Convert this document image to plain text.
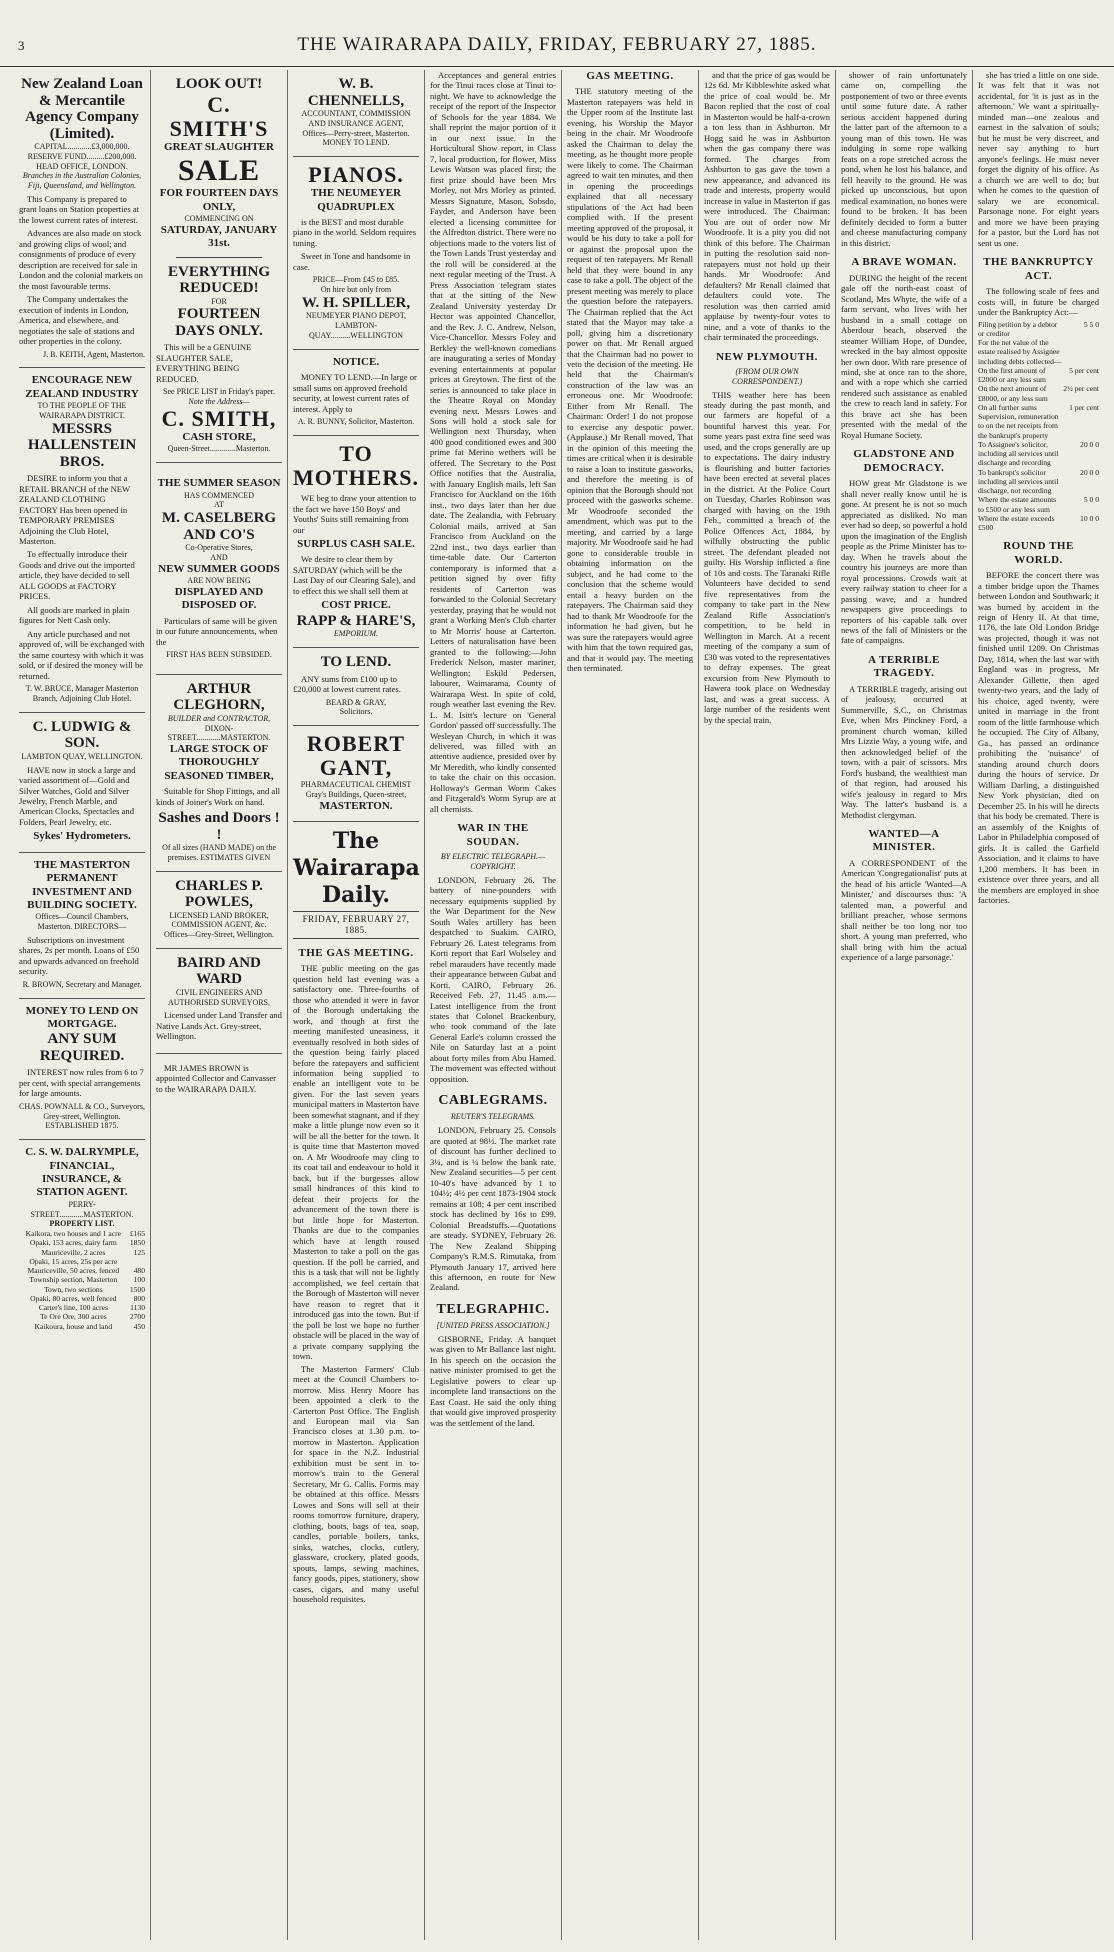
3	THE WAIRARAPA DAILY, FRIDAY, FEBRUARY 27, 1885.
New Zealand Loan & Mercantile Agency Company (Limited).
CAPITAL............£3,000,000.
RESERVE FUND.........£200,000.
HEAD OFFICE, LONDON.
Branches in the Australian Colonies, Fiji, Queensland, and Wellington.

This Company is prepared to grant loans on Station properties at the lowest current rates of interest.

Advances are also made on stock and growing clips of wool; and consignments of produce of every description are received for sale in London and the colonial markets on the most favourable terms.

The Company undertakes the execution of indents in London, America, and elsewhere, and negotiates the sale of stations and other properties in the colony.

J. B. KEITH, Agent, Masterton.
ENCOURAGE NEW ZEALAND INDUSTRY
TO THE PEOPLE OF THE WAIRARAPA DISTRICT.
MESSRS HALLENSTEIN BROS.

DESIRE to inform you that a RETAIL BRANCH of the NEW ZEALAND CLOTHING FACTORY Has been opened in TEMPORARY PREMISES Adjoining the Club Hotel, Masterton.

To effectually introduce their Goods and drive out the imported article, they have decided to sell ALL GOODS at FACTORY PRICES.

All goods are marked in plain figures for Nett Cash only.

Any article purchased and not approved of, will be exchanged with the same courtesy with which it was sold, or if desired the money will be returned.

T. W. BRUCE, Manager Masterton Branch, Adjoining Club Hotel.
C. LUDWIG & SON.
LAMBTON QUAY, WELLINGTON.

HAVE now in stock a large and varied assortment of—Gold and Silver Watches, Gold and Silver Jewelry, French Marble, and American Clocks, Spectacles and Folders, Pearl Jewelry, etc.

Sykes' Hydrometers.
THE MASTERTON PERMANENT INVESTMENT AND BUILDING SOCIETY.
Offices—Council Chambers, Masterton. DIRECTORS—

Subscriptions on investment shares, 2s per month. Loans of £50 and upwards advanced on freehold security.

R. BROWN, Secretary and Manager.
MONEY TO LEND ON MORTGAGE.
ANY SUM REQUIRED.

INTEREST now rules from 6 to 7 per cent, with special arrangements for large amounts.

CHAS. POWNALL & CO., Surveyors, Grey-street, Wellington.
ESTABLISHED 1875.
C. S. W. DALRYMPLE, FINANCIAL, INSURANCE, & STATION AGENT.
PERRY-STREET............MASTERTON.
PROPERTY LIST.
Kaikora, two houses and 1 acre	£165
Opaki, 153 acres, dairy farm	1850
Mauriceville, 2 acres	125
Opaki, 15 acres, 25s per acre	
Mauriceville, 50 acres, fenced	480
Township section, Masterton	100
Town, two sections	1500
Opaki, 80 acres, well fenced	800
Carter's line, 100 acres	1130
Te Ore Ore, 300 acres	2700
Kaikoura, house and land	450
LOOK OUT!
C. SMITH'S
GREAT SLAUGHTER
SALE
FOR FOURTEEN DAYS ONLY,
COMMENCING ON
SATURDAY, JANUARY 31st.
EVERYTHING REDUCED!
FOR
FOURTEEN DAYS ONLY.

This will be a GENUINE SLAUGHTER SALE, EVERYTHING BEING REDUCED.

See PRICE LIST in Friday's paper.
Note the Address—
C. SMITH,
CASH STORE,
Queen-Street.............Masterton.
THE SUMMER SEASON
HAS COMMENCED
AT
M. CASELBERG AND CO'S
Co-Operative Stores,
AND
NEW SUMMER GOODS
ARE NOW BEING
DISPLAYED AND DISPOSED OF.

Particulars of same will be given in our future announcements, when the

FIRST HAS BEEN SUBSIDED.
ARTHUR CLEGHORN,
BUILDER and CONTRACTOR,
DIXON-STREET............MASTERTON.
LARGE STOCK OF THOROUGHLY SEASONED TIMBER,

Suitable for Shop Fittings, and all kinds of Joiner's Work on hand.

Sashes and Doors ! !
Of all sizes (HAND MADE) on the premises. ESTIMATES GIVEN
CHARLES P. POWLES,
LICENSED LAND BROKER, COMMISSION AGENT, &c.
Offices—Grey-Street, Wellington.
BAIRD AND WARD
CIVIL ENGINEERS AND AUTHORISED SURVEYORS,

Licensed under Land Transfer and Native Lands Act. Grey-street, Wellington.

MR JAMES BROWN is appointed Collector and Canvasser to the WAIRARAPA DAILY.

W. B. CHENNELLS,
ACCOUNTANT, COMMISSION AND INSURANCE AGENT,
Offices—Perry-street, Masterton.
MONEY TO LEND.
PIANOS.
THE NEUMEYER QUADRUPLEX

is the BEST and most durable piano in the world. Seldom requires tuning.

Sweet in Tone and handsome in case.

PRICE—From £45 to £85.
On hire but only from
W. H. SPILLER,
NEUMEYER PIANO DEPOT,
LAMBTON-QUAY..........WELLINGTON
NOTICE.

MONEY TO LEND.—In large or small sums on approved freehold security, at lowest current rates of interest. Apply to

A. R. BUNNY, Solicitor, Masterton.
TO MOTHERS.

WE beg to draw your attention to the fact we have 150 Boys' and Youths' Suits still remaining from our

SURPLUS CASH SALE.

We desire to clear them by SATURDAY (which will be the Last Day of our Clearing Sale), and to effect this we shall sell them at

COST PRICE.
RAPP & HARE'S,
EMPORIUM.
TO LEND.

ANY sums from £100 up to £20,000 at lowest current rates.

BEARD & GRAY,
Solicitors.
ROBERT GANT,
PHARMACEUTICAL CHEMIST
Gray's Buildings, Queen-street,
MASTERTON.
The Wairarapa Daily.
FRIDAY, FEBRUARY 27, 1885.
THE GAS MEETING.
THE public meeting on the gas question held last evening was a satisfactory one. Three-fourths of those who attended it were in favor of the Borough undertaking the work, and though at first the meeting manifested uneasiness, it eventually resolved in both sides of the question being fairly placed before the ratepayers and sufficient information being supplied to enable an intelligent vote to be given. For the last seven years municipal matters in Masterton have been somewhat stagnant, and if they make a little plunge now even so it will be all the better for the town. It is quite time that Masterton moved on. A Mr Woodroofe may cling to its coat tail and endeavour to hold it back, but if the burgesses allow small hindrances of this kind to defeat their projects for the advancement of the town there is but little hope for Masterton. Thanks are due to the companies which have at length roused Masterton to take a poll on the gas question. If the poll be carried, and this is a task that will not be lightly accomplished, we feel certain that the Borough of Masterton will never have reason to regret that it introduced gas into the town. But if the poll be lost we hope no further obstacle will be placed in the way of a private company supplying the town.
The Masterton Farmers' Club meet at the Council Chambers to-morrow. Miss Henry Moore has been appointed a clerk to the Carterton Post Office. The English and European mail via San Francisco closes at 1.30 p.m. to-morrow in Masterton. Application for space in the N.Z. Industrial exhibition must be sent in to-morrow's train to the General Secretary, Mr G. Callis. Forms may be obtained at this office. Messrs Lowes and Sons will sell at their rooms tomorrow furniture, drapery, clothing, boots, bags of tea, soap, candles, portable boilers, tanks, sinks, watches, clocks, cutlery, glassware, crockery, plated goods, spouts, lamps, sewing machines, fancy goods, pipes, stationery, show cases, cigars, and many useful household requisites.
Acceptances and general entries for the Tinui races close at Tinui to-night. We have to acknowledge the receipt of the report of the Inspector of Schools for the year 1884. We shall reprint the major portion of it in our next issue. In the Horticultural Show report, in Class 7, local production, for flower, Miss Lewis Watson was placed first; the first prize should have been Mrs Morley, not Mrs Morley as printed. Messrs Signature, Mason, Sobsdo, Fayder, and Anderson have been elected a licensing committee for the Alfredton district. There were no objections made to the voters list of the Town Lands Trust yesterday and the roll will be considered at the next regular meeting of the Trust. A Press Association telegram states that at the sitting of the New Zealand University yesterday Dr Hector was appointed Chancellor, and the Rev. J. C. Andrew, Nelson, Vice-Chancellor. Messrs Foley and Berkley the well-known comedians are inaugurating a series of Monday evening entertainments at popular prices at Greytown. The first of the series is announced to take place in the Theatre Royal on Monday evening next. Messrs Lowes and Sons will hold a stock sale for Wellington next Thursday, when 400 good conditioned ewes and 300 prime fat Merino wethers will be offered. The Secretary to the Post Office notifies that the Australia, with January English mails, left San Francisco for Auckland on the 16th inst., two days later than her due date. The Zealandia, with February Colonial mails, arrived at San Francisco from Auckland on the 22nd inst., two days earlier than time-table date. Our Carterton contemporary is informed that a petition signed by over fifty residents of Carterton was forwarded to the Colonial Secretary yesterday, praying that he would not grant a Working Men's Club charter to Mr Morris' house at Carterton. Letters of naturalisation have been granted to the following:—John Frederick Nelson, master mariner, Wellington; Eskild Pedersen, labourer, Waimarama, County of Wairarapa West. In spite of cold, rough weather last evening the Rev. L. M. Isitt's lecture on 'General Gordon' passed off successfully. The Wesleyan Church, in which it was delivered, was filled with an attentive audience, presided over by Mr Meredith, who kindly consented to take the chair on this occasion. Holloway's German Worm Cakes and Fitzgerald's Worm Syrup are at all chemists.
WAR IN THE SOUDAN.
BY ELECTRIC TELEGRAPH.—COPYRIGHT.
LONDON, February 26. The battery of nine-pounders with necessary equipments supplied by the War Department for the New South Wales artillery has been despatched to Suakim. CAIRO, February 26. Latest telegrams from Korti report that Earl Wolseley and rebel marauders have recently made their appearance between Gubat and Korti. CAIRO, February 26. Received Feb. 27, 11.45 a.m.—Latest intelligence from the front states that Colonel Brackenbury, who took command of the late General Earle's column crossed the Nile on Saturday last at a point about forty miles from Abu Hamed. The movement was effected without opposition.
CABLEGRAMS.
REUTER'S TELEGRAMS.
LONDON, February 25. Consols are quoted at 98½. The market rate of discount has further declined to 3¼, and is ¼ below the bank rate. New Zealand securities—5 per cent 10-40's have advanced by 1 to 104½; 4½ per cent 1873-1904 stock remains at 108; 4 per cent inscribed stock has declined by 16s to £99. Colonial Breadstuffs.—Quotations are steady. SYDNEY, February 26. The New Zealand Shipping Company's R.M.S. Rimutaka, from Plymouth January 17, arrived here this afternoon, en route for New Zealand.
TELEGRAPHIC.
[UNITED PRESS ASSOCIATION.]
GISBORNE, Friday. A banquet was given to Mr Ballance last night. In his speech on the occasion the native minister promised to get the Legislative powers to clear up incomplete land transactions on the East Coast. He said the only thing that would give improved prosperity was the settlement of the land.
GAS MEETING.
THE statutory meeting of the Masterton ratepayers was held in the Upper room of the Institute last evening, his Worship the Mayor being in the chair. Mr Woodroofe asked the Chairman to delay the meeting, as he thought more people were likely to come. The Chairman agreed to wait ten minutes, and then in opening the proceedings explained that all necessary stipulations of the Act had been complied with. If the present meeting approved of the proposal, it would be his duty to take a poll for or against the proposal upon the request of ten ratepayers. Mr Renall held that they were bound in any case to take a poll. The object of the present meeting was merely to place the question before the ratepayers. The Chairman replied that the Act stated that the Mayor may take a poll, giving him a discretionary power on that. Mr Renall argued that the Chairman had no power to veto the decision of the meeting. He held that the Chairman's construction of the law was an erroneous one. Mr Woodroofe: Either from Mr Renall. The Chairman: Order! I do not propose to exercise any despotic power. (Applause.) Mr Renall moved, That in the opinion of this meeting the times are critical when it is desirable to raise a loan to institute gasworks, and therefore the meeting is of opinion that the Borough should not proceed with the gasworks scheme. Mr Woodroofe seconded the amendment, which was put to the meeting, and carried by a large majority. Mr Woodroofe said he had gone to considerable trouble in obtaining information on the subject, and he had come to the conclusion that the scheme would entail a heavy burden on the ratepayers. The Chairman said they had to thank Mr Woodroofe for the information he had given, but he was sure the ratepayers would agree with him that the town required gas, and that it would pay. The meeting then terminated.
and that the price of gas would be 12s 6d. Mr Kibblewhite asked what the price of coal would be. Mr Bacon replied that the cost of coal in Masterton would be half-a-crown a ton less than in Ashburton. Mr Hogg said he was in Ashburton when the gas company there was formed. The charges from Ashburton to gas gave the town a new appearance, and advanced its trade and interests, property would increase in value in Masterton if gas were introduced. The Chairman: You are out of order now Mr Woodroofe. It is a pity you did not think of this before. The Chairman in putting the resolution said non-ratepayers must not hold up their hands. Mr Woodroofe: And defaulters? Mr Renall claimed that defaulters could vote. The resolution was then carried amid applause by twenty-four votes to nine, and a vote of thanks to the chair terminated the proceedings.
NEW PLYMOUTH.
(FROM OUR OWN CORRESPONDENT.)
THIS weather here has been steady during the past month, and our farmers are hopeful of a bountiful harvest this year. For some years past extra fine seed was used, and the crops generally are up to expectations. The dairy industry is flourishing and butter factories have been erected at several places in the district. At the Police Court on Tuesday, Charles Robinson was charged with having on the 19th Feb., committed a breach of the Police Offences Act, 1884, by wilfully obstructing the public street. The defendant pleaded not guilty. His Worship inflicted a fine of 10s and costs. The Taranaki Rifle Volunteers have decided to send five representatives from the company to take part in the New Zealand Rifle Association's competition, to be held in Wellington in March. At a recent meeting of the company a sum of £30 was voted to the representatives to defray expenses. The great excursion from New Plymouth to Hawera took place on Wednesday last, and was a great success. A large number of the residents went by the special train.
shower of rain unfortunately came on, compelling the postponement of two or three events until some future date. A rather serious accident happened during the latter part of the afternoon to a young man of this town. He was indulging in some rope walking feats on a rope stretched across the pond, when he lost his balance, and fell heavily to the ground. He was picked up unconscious, but upon medical examination, no bones were found to be broken. It has been definitely decided to form a butter and cheese manufacturing company in this district.
A BRAVE WOMAN.
DURING the height of the recent gale off the north-east coast of Scotland, Mrs Whyte, the wife of a farm servant, who lives with her husband in a small cottage on Aberdour beach, observed the steamer William Hope, of Dundee, wrecked in the bay almost opposite her own door. With rare presence of mind, she at once ran to the shore, and with a rope which she carried rendered such assistance as enabled the crew to reach land in safety. For this brave act she has been presented with the medal of the Royal Humane Society.
GLADSTONE AND DEMOCRACY.
HOW great Mr Gladstone is we shall never really know until he is gone. At present he is not so much appreciated as disliked. No man ever had so deep, so powerful a hold upon the imagination of the English people as the Prime Minister has to-day. When he travels about the country his journeys are more than royal processions. Crowds wait at every railway station to cheer for a passing wave, and a hundred newspapers give proceedings to reporters of his capable talk over news of the fall of Ministers or the fate of campaigns.
A TERRIBLE TRAGEDY.
A TERRIBLE tragedy, arising out of jealousy, occurred at Summerville, S.C., on Christmas Eve, when Mrs Pinckney Ford, a prominent church woman, killed Mrs Lizzie Way, a young wife, and then acknowledged belief of the town, with a pair of scissors. Mrs Ford's husband, the wealthiest man of that region, had aroused his wife's jealousy in regard to Mrs Way. The latter's husband is a Methodist clergyman.
WANTED—A MINISTER.
A CORRESPONDENT of the American 'Congregationalist' puts at the head of his article 'Wanted—A Minister,' and discourses thus: 'A talented man, a powerful and brilliant preacher, whose sermons shall neither be too long nor too short. A young man preferred, who shall bring with him the actual experience of a large parsonage.'
she has tried a little on one side. It was felt that it was not accidental, for 'it is just as in the afternoon.' We want a spiritually-minded man—one zealous and earnest in the salvation of souls; but he must be very discreet, and never say anything to hurt anyone's feelings. He must never forget the dignity of his office. As a church we are well to do; but when he comes to the question of salary we are economical. Parsonage none. For eight years and more we have been praying for a pastor, but the Lord has not sent us one.
THE BANKRUPTCY ACT.
The following scale of fees and costs will, in future be charged under the Bankruptcy Act:—
Filing petition by a debtor or creditor	5 5 0
For the net value of the estate realised by Assignee including debts collected—	
On the first amount of £2000 or any less sum	5 per cent
On the next amount of £8000, or any less sum	2½ per cent
On all further sums	1 per cent
Supervision, remuneration to on the net receipts from the bankrupt's property	
To Assignee's solicitor, including all services until discharge and recording	20 0 0
To bankrupt's solicitor including all services until discharge, not recording	20 0 0
Where the estate amounts to £500 or any less sum	5 0 0
Where the estate exceeds £500	10 0 0
ROUND THE WORLD.
BEFORE the concert there was a timber bridge upon the Thames between London and Southwark; it was burned by accident in the reign of Henry II. At that time, 1176, the late Old London Bridge was projected, though it was not finished until 1209. On Christmas Day, 1814, when the last war with England was in progress, Mr Alexander Gillette, then aged twenty-two years, and the lady of his choice, aged twenty, were united in marriage in the front room of the little farmhouse which he occupied. The City of Albany, Ga., has passed an ordinance prohibiting the 'nuisance' of standing around church doors during the hours of service. Dr William Darling, a distinguished New York physician, died on December 25. In his will he directs that his body be cremated. There is an assembly of the Knights of Labor in Philadelphia composed of girls. It is called the Garfield Association, and it claims to have 1,200 members. It has been in existence over three years, and all the members are employed in shoe factories.
